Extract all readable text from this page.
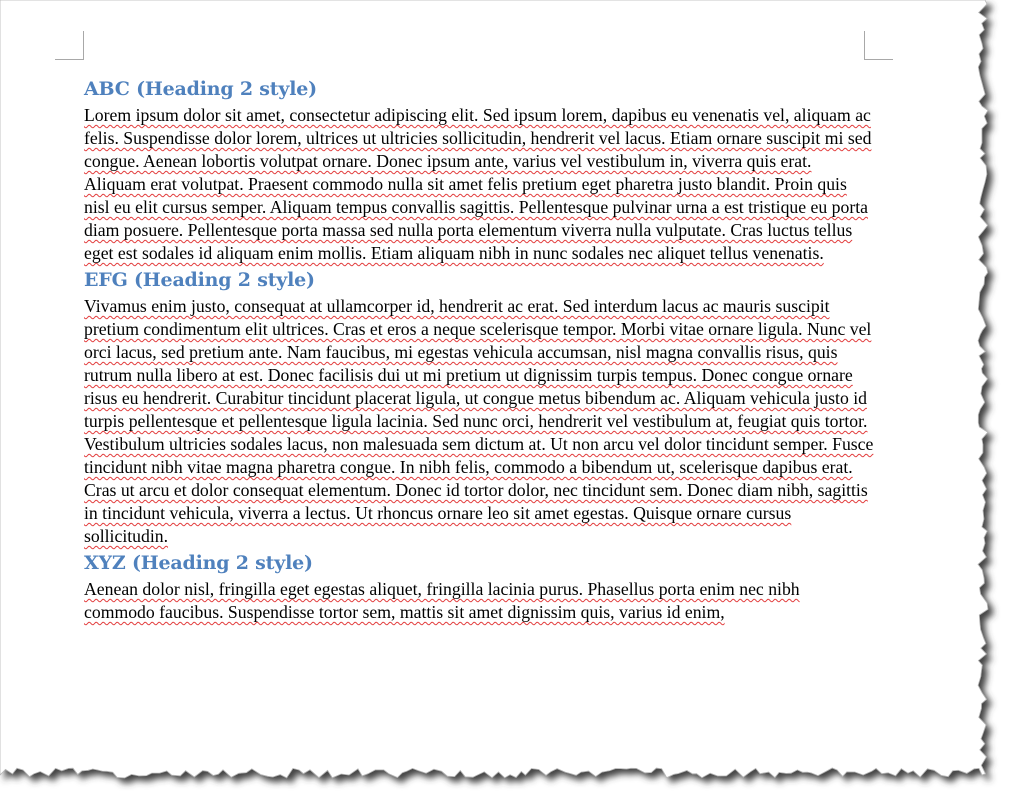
ABC (Heading 2 style)

Lorem ipsum dolor sit amet, consectetur adipiscing elit. Sed ipsum lorem, dapibus eu venenatis vel, aliquam ac felis. Suspendisse dolor lorem, ultrices ut ultricies sollicitudin, hendrerit vel lacus. Etiam ornare suscipit mi sed congue. Aenean lobortis volutpat ornare. Donec ipsum ante, varius vel vestibulum in, viverra quis erat. Aliquam erat volutpat. Praesent commodo nulla sit amet felis pretium eget pharetra justo blandit. Proin quis nisl eu elit cursus semper. Aliquam tempus convallis sagittis. Pellentesque pulvinar urna a est tristique eu porta diam posuere. Pellentesque porta massa sed nulla porta elementum viverra nulla vulputate. Cras luctus tellus eget est sodales id aliquam enim mollis. Etiam aliquam nibh in nunc sodales nec aliquet tellus venenatis.

EFG (Heading 2 style)

Vivamus enim justo, consequat at ullamcorper id, hendrerit ac erat. Sed interdum lacus ac mauris suscipit pretium condimentum elit ultrices. Cras et eros a neque scelerisque tempor. Morbi vitae ornare ligula. Nunc vel orci lacus, sed pretium ante. Nam faucibus, mi egestas vehicula accumsan, nisl magna convallis risus, quis rutrum nulla libero at est. Donec facilisis dui ut mi pretium ut dignissim turpis tempus. Donec congue ornare risus eu hendrerit. Curabitur tincidunt placerat ligula, ut congue metus bibendum ac. Aliquam vehicula justo id turpis pellentesque et pellentesque ligula lacinia. Sed nunc orci, hendrerit vel vestibulum at, feugiat quis tortor. Vestibulum ultricies sodales lacus, non malesuada sem dictum at. Ut non arcu vel dolor tincidunt semper. Fusce tincidunt nibh vitae magna pharetra congue. In nibh felis, commodo a bibendum ut, scelerisque dapibus erat. Cras ut arcu et dolor consequat elementum. Donec id tortor dolor, nec tincidunt sem. Donec diam nibh, sagittis in tincidunt vehicula, viverra a lectus. Ut rhoncus ornare leo sit amet egestas. Quisque ornare cursus sollicitudin.

XYZ (Heading 2 style)

Aenean dolor nisl, fringilla eget egestas aliquet, fringilla lacinia purus. Phasellus porta enim nec nibh commodo faucibus. Suspendisse tortor sem, mattis sit amet dignissim quis, varius id enim,
